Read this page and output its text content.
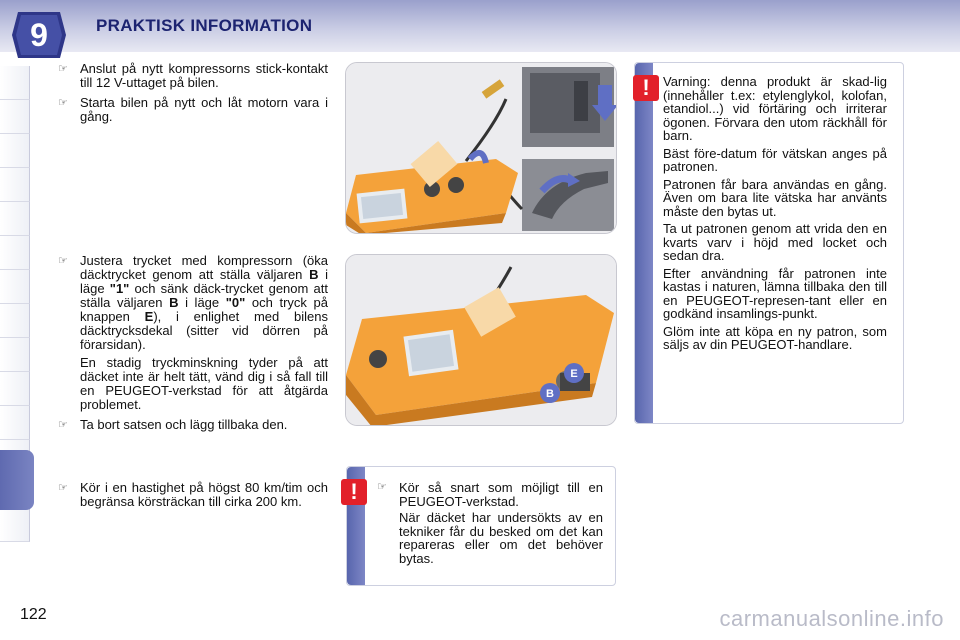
9	PRAKTISK INFORMATION
☞ Anslut på nytt kompressorns stick-kontakt till 12 V-uttaget på bilen.
☞ Starta bilen på nytt och låt motorn vara i gång.
☞ Justera trycket med kompressorn (öka däcktrycket genom att ställa väljaren B i läge "1" och sänk däck-trycket genom att ställa väljaren B i läge "0" och tryck på knappen E), i enlighet med bilens däcktrycksdekal (sitter vid dörren på förarsidan).

En stadig tryckminskning tyder på att däcket inte är helt tätt, vänd dig i så fall till en PEUGEOT-verkstad för att åtgärda problemet.

☞ Ta bort satsen och lägg tillbaka den.
☞ Kör i en hastighet på högst 80 km/tim och begränsa körsträckan till cirka 200 km.
E
B
!	Varning: denna produkt är skad-lig (innehåller t.ex: etylenglykol, kolofan, etandiol...) vid förtäring och irriterar ögonen. Förvara den utom räckhåll för barn.

Bäst före-datum för vätskan anges på patronen.

Patronen får bara användas en gång. Även om bara lite vätska har använts måste den bytas ut.

Ta ut patronen genom att vrida den en kvarts varv i höjd med locket och sedan dra.

Efter användning får patronen inte kastas i naturen, lämna tillbaka den till en PEUGEOT-represen-tant eller en godkänd insamlings-punkt.

Glöm inte att köpa en ny patron, som säljs av din PEUGEOT-handlare.

!	☞ Kör så snart som möjligt till en PEUGEOT-verkstad.

När däcket har undersökts av en tekniker får du besked om det kan repareras eller om det behöver bytas.

122	carmanualsonline.info
